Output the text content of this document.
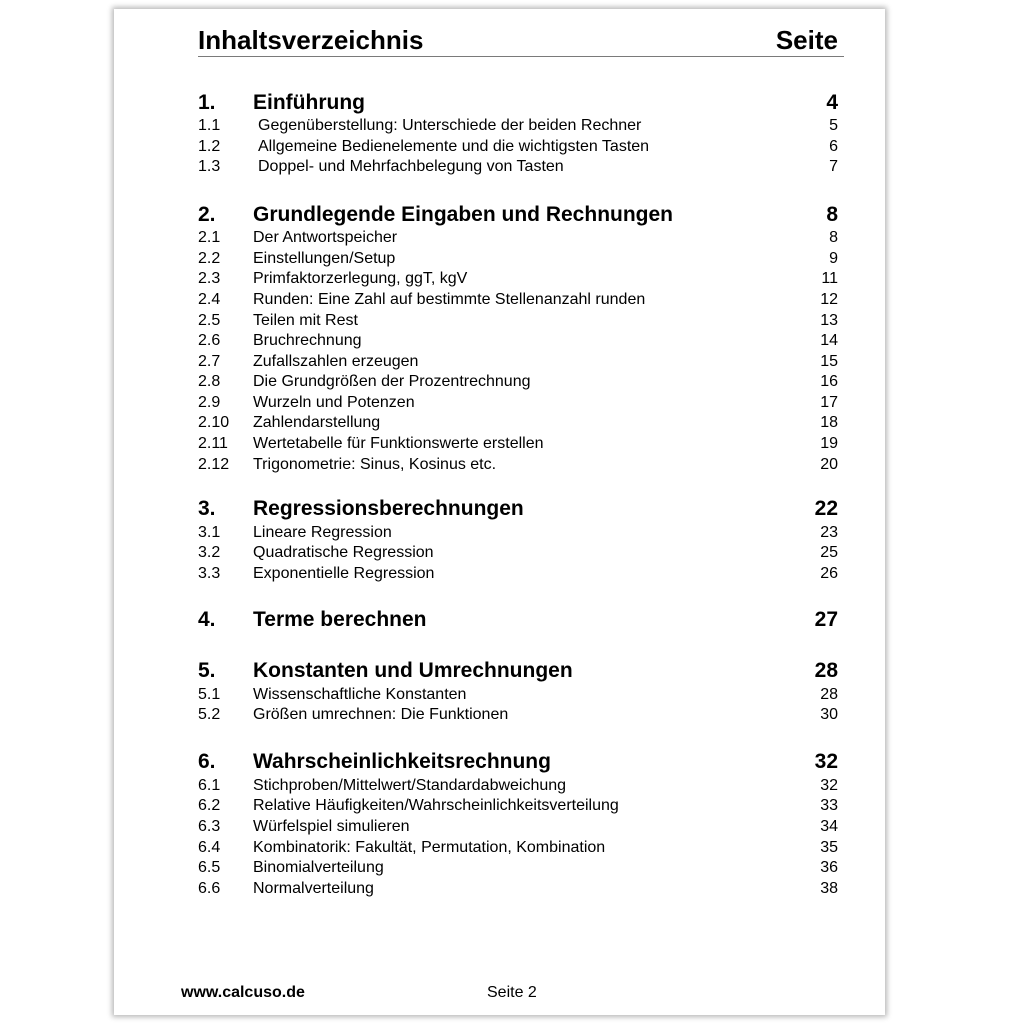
Inhaltsverzeichnis	Seite
1. Einführung	4
1.1 Gegenüberstellung: Unterschiede der beiden Rechner	5
1.2 Allgemeine Bedienelemente und die wichtigsten Tasten	6
1.3 Doppel- und Mehrfachbelegung von Tasten	7
2. Grundlegende Eingaben und Rechnungen	8
2.1 Der Antwortspeicher	8
2.2 Einstellungen/Setup	9
2.3 Primfaktorzerlegung, ggT, kgV	11
2.4 Runden: Eine Zahl auf bestimmte Stellenanzahl runden	12
2.5 Teilen mit Rest	13
2.6 Bruchrechnung	14
2.7 Zufallszahlen erzeugen	15
2.8 Die Grundgrößen der Prozentrechnung	16
2.9 Wurzeln und Potenzen	17
2.10 Zahlendarstellung	18
2.11 Wertetabelle für Funktionswerte erstellen	19
2.12 Trigonometrie: Sinus, Kosinus etc.	20
3. Regressionsberechnungen	22
3.1 Lineare Regression	23
3.2 Quadratische Regression	25
3.3 Exponentielle Regression	26
4. Terme berechnen	27
5. Konstanten und Umrechnungen	28
5.1 Wissenschaftliche Konstanten	28
5.2 Größen umrechnen: Die Funktionen	30
6. Wahrscheinlichkeitsrechnung	32
6.1 Stichproben/Mittelwert/Standardabweichung	32
6.2 Relative Häufigkeiten/Wahrscheinlichkeitsverteilung	33
6.3 Würfelspiel simulieren	34
6.4 Kombinatorik: Fakultät, Permutation, Kombination	35
6.5 Binomialverteilung	36
6.6 Normalverteilung	38
www.calcuso.de	Seite 2
